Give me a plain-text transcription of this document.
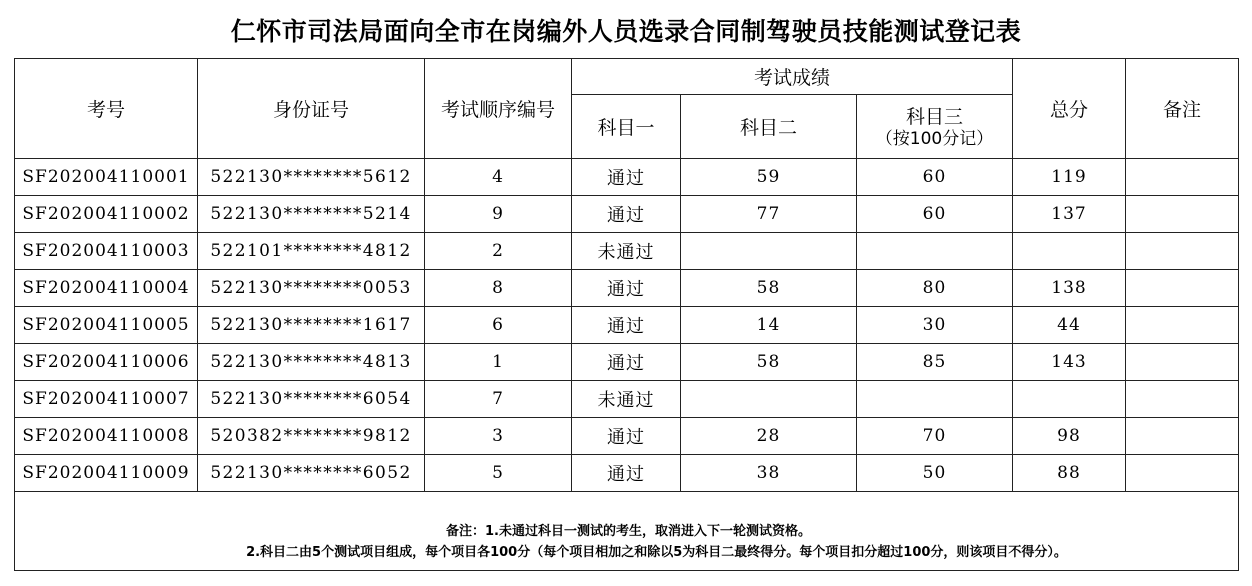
仁怀市司法局面向全市在岗编外人员选录合同制驾驶员技能测试登记表
考号	身份证号	考试顺序编号	考试成绩			总分	备注
			科目一	科目二	科目三
（按100分记）		

SF202004110001	522130********5612	4	通过	59	60	119	
SF202004110002	522130********5214	9	通过	77	60	137	
SF202004110003	522101********4812	2	未通过				
SF202004110004	522130********0053	8	通过	58	80	138	
SF202004110005	522130********1617	6	通过	14	30	44	
SF202004110006	522130********4813	1	通过	58	85	143	
SF202004110007	522130********6054	7	未通过				
SF202004110008	520382********9812	3	通过	28	70	98	
SF202004110009	522130********6052	5	通过	38	50	88	

备注：1.未通过科目一测试的考生，取消进入下一轮测试资格。
2.科目二由5个测试项目组成，每个项目各100分（每个项目相加之和除以5为科目二最终得分。每个项目扣分超过100分，则该项目不得分）。							
